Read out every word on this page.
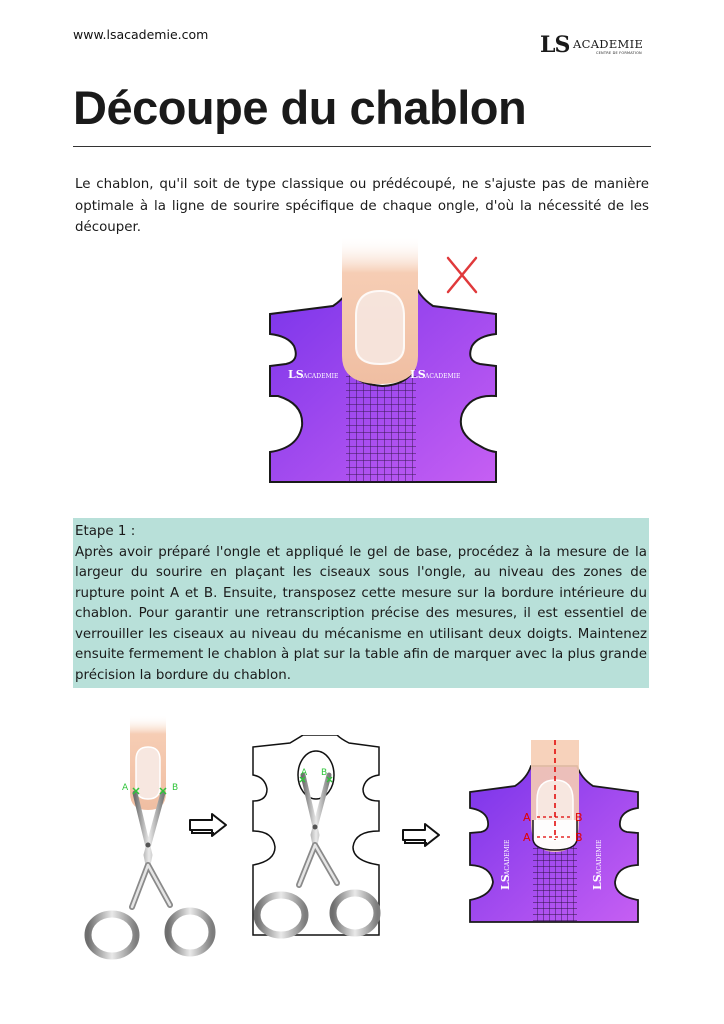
www.lsacademie.com	LS ACADEMIE
CENTRE DE FORMATION
Découpe du chablon

Le chablon, qu'il soit de type classique ou prédécoupé, ne s'ajuste pas de manière optimale à la ligne de sourire spécifique de chaque ongle, d'où la nécessité de les découper.

LS ACADEMIE	LS ACADEMIE
Etape 1 :
Après avoir préparé l'ongle et appliqué le gel de base, procédez à la mesure de la largeur du sourire en plaçant les ciseaux sous l'ongle, au niveau des zones de rupture point A et B. Ensuite, transposez cette mesure sur la bordure intérieure du chablon. Pour garantir une retranscription précise des mesures, il est essentiel de verrouiller les ciseaux au niveau du mécanisme en utilisant deux doigts. Maintenez ensuite fermement le chablon à plat sur la table afin de marquer avec la plus grande précision la bordure du chablon.
A	B
A B
A	B
A	B
LS
ACADEMIE
LS
ACADEMIE
